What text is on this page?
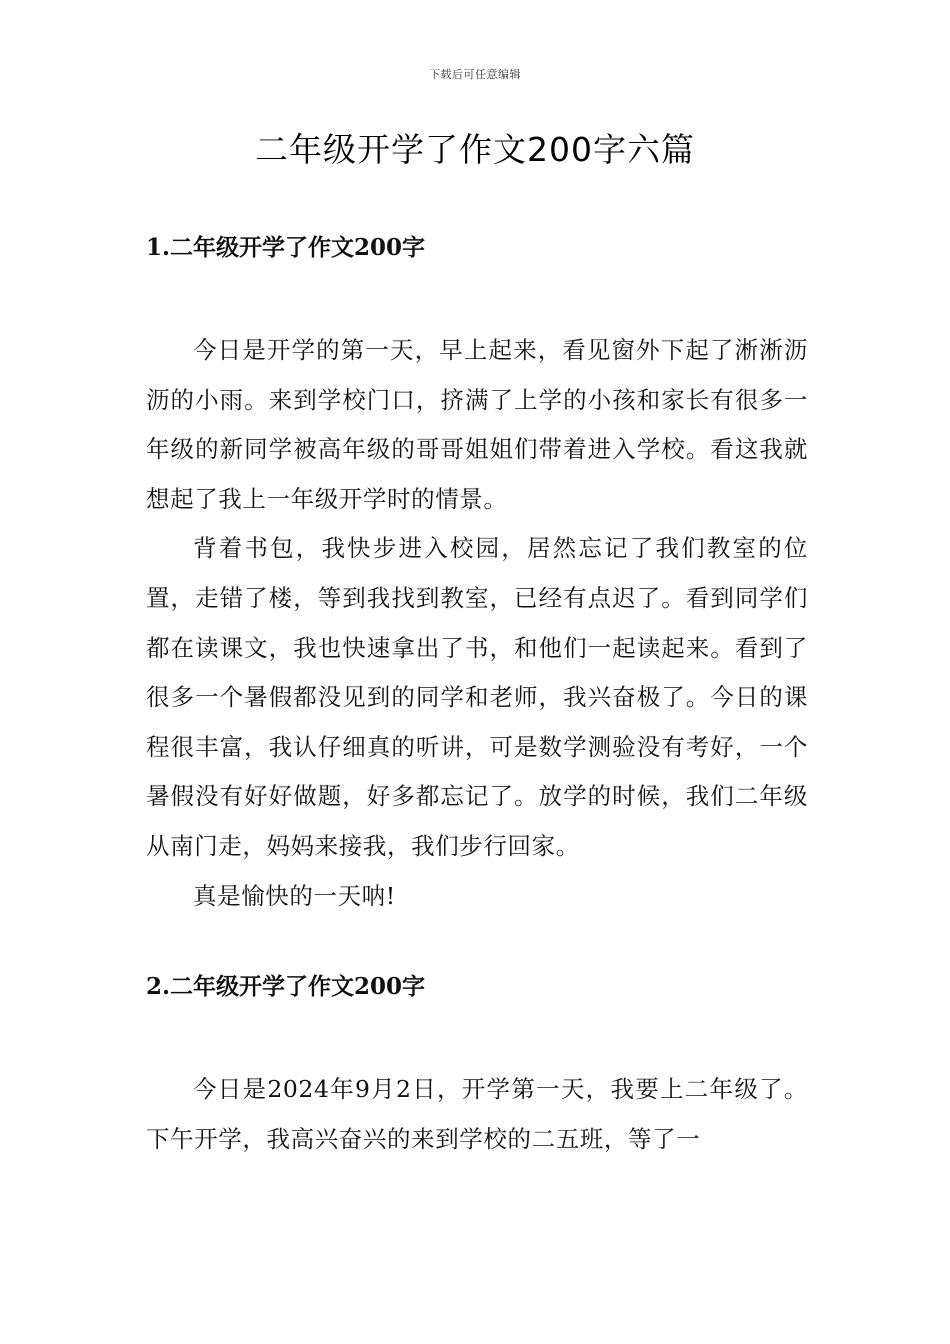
下载后可任意编辑
二年级开学了作文200字六篇
1.二年级开学了作文200字

今日是开学的第一天，早上起来，看见窗外下起了淅淅沥沥的小雨。来到学校门口，挤满了上学的小孩和家长有很多一年级的新同学被高年级的哥哥姐姐们带着进入学校。看这我就想起了我上一年级开学时的情景。

背着书包，我快步进入校园，居然忘记了我们教室的位置，走错了楼，等到我找到教室，已经有点迟了。看到同学们都在读课文，我也快速拿出了书，和他们一起读起来。看到了很多一个暑假都没见到的同学和老师，我兴奋极了。今日的课程很丰富，我认仔细真的听讲，可是数学测验没有考好，一个暑假没有好好做题，好多都忘记了。放学的时候，我们二年级从南门走，妈妈来接我，我们步行回家。

真是愉快的一天呐!

2.二年级开学了作文200字

今日是2024年9月2日，开学第一天，我要上二年级了。下午开学，我高兴奋兴的来到学校的二五班，等了一
